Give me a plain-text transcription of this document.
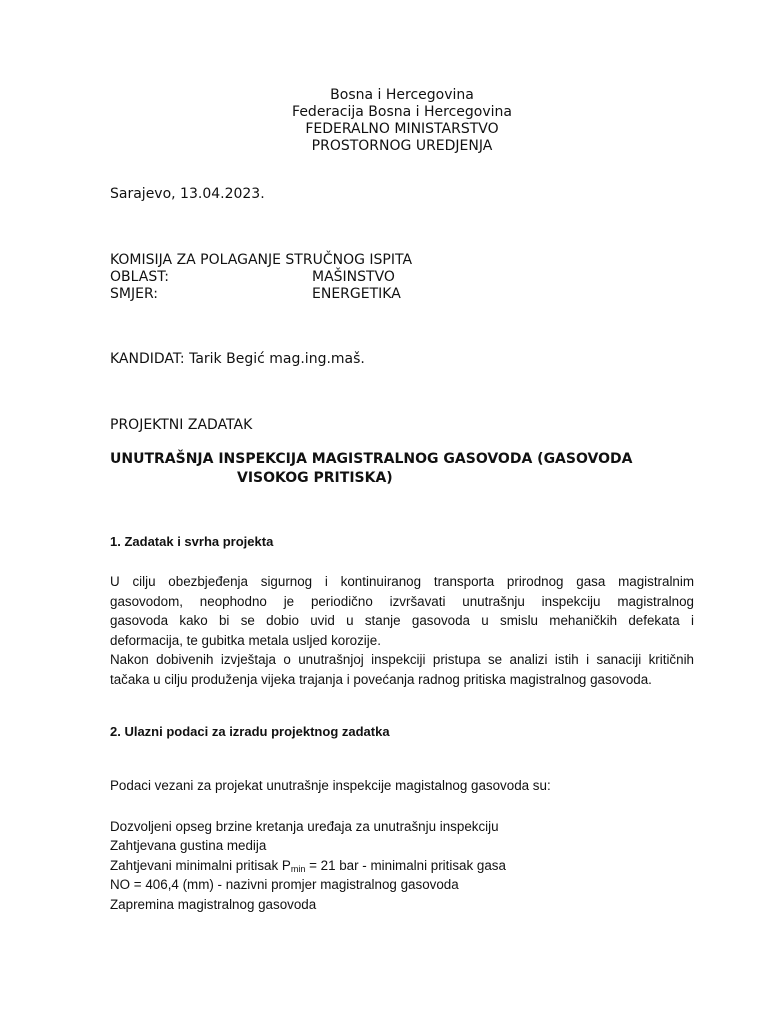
Bosna i Hercegovina
Federacija Bosna i Hercegovina
FEDERALNO MINISTARSTVO
PROSTORNOG UREDJENJA
Sarajevo, 13.04.2023.
KOMISIJA ZA POLAGANJE STRUČNOG ISPITA
OBLAST:	MAŠINSTVO
SMJER:	ENERGETIKA
KANDIDAT: Tarik Begić mag.ing.maš.
PROJEKTNI ZADATAK
UNUTRAŠNJA INSPEKCIJA MAGISTRALNOG GASOVODA (GASOVODA
VISOKOG PRITISKA)
1. Zadatak i svrha projekta
U cilju obezbjeđenja sigurnog i kontinuiranog transporta prirodnog gasa magistralnim
gasovodom, neophodno je periodično izvršavati unutrašnju inspekciju magistralnog
gasovoda kako bi se dobio uvid u stanje gasovoda u smislu mehaničkih defekata i
deformacija, te gubitka metala usljed korozije.
Nakon dobivenih izvještaja o unutrašnjoj inspekciji pristupa se analizi istih i sanaciji kritičnih
tačaka u cilju produženja vijeka trajanja i povećanja radnog pritiska magistralnog gasovoda.
2. Ulazni podaci za izradu projektnog zadatka
Podaci vezani za projekat unutrašnje inspekcije magistalnog gasovoda su:
Dozvoljeni opseg brzine kretanja uređaja za unutrašnju inspekciju
Zahtjevana gustina medija
Zahtjevani minimalni pritisak $P_{min} = 21$ bar - minimalni pritisak gasa
NO = 406,4 (mm) - nazivni promjer magistralnog gasovoda
Zapremina magistralnog gasovoda
